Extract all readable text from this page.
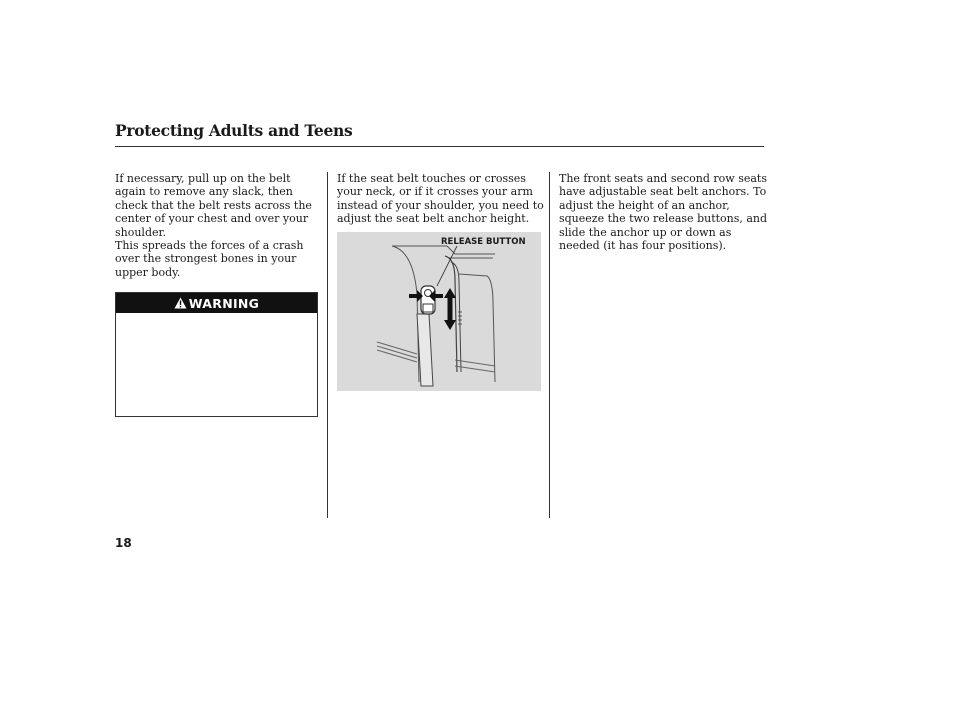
Protecting Adults and Teens

If necessary, pull up on the belt again to remove any slack, then check that the belt rests across the center of your chest and over your shoulder.

This spreads the forces of a crash over the strongest bones in your upper body.

WARNING

If the seat belt touches or crosses your neck, or if it crosses your arm instead of your shoulder, you need to adjust the seat belt anchor height.

RELEASE BUTTON

The front seats and second row seats have adjustable seat belt anchors. To adjust the height of an anchor, squeeze the two release buttons, and slide the anchor up or down as needed (it has four positions).

18
